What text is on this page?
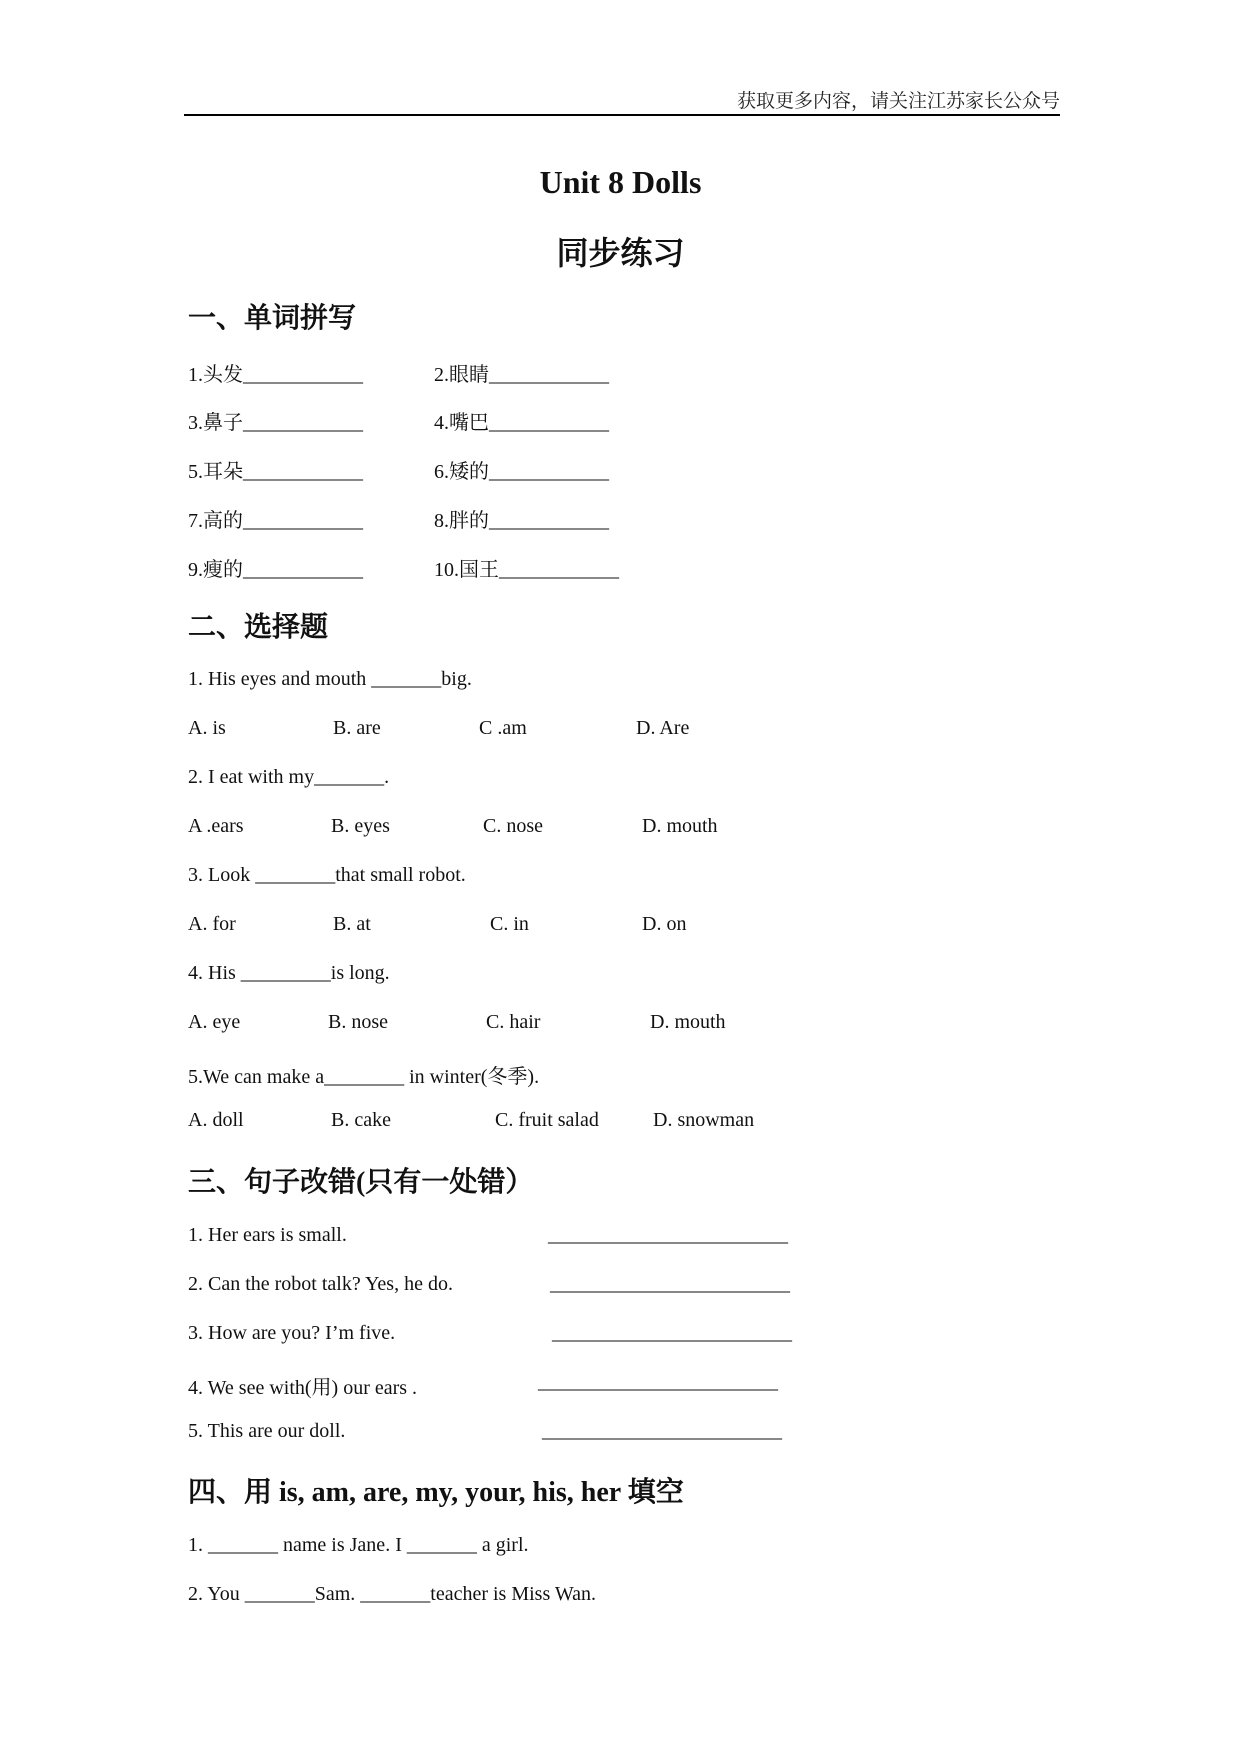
获取更多内容，请关注江苏家长公众号
Unit 8 Dolls
同步练习
一、单词拼写
1.头发____________	2.眼睛____________
3.鼻子____________	4.嘴巴____________
5.耳朵____________	6.矮的____________
7.高的____________	8.胖的____________
9.瘦的____________	10.国王____________
二、选择题
1. His eyes and mouth _______big.
A. is	B. are	C .am	D. Are
2. I eat with my_______.
A .ears	B. eyes	C. nose	D. mouth
3. Look ________that small robot.
A. for	B. at	C. in	D. on
4. His _________is long.
A. eye	B. nose	C. hair	D. mouth
5.We can make a________ in winter(冬季).
A. doll	B. cake	C. fruit salad	D. snowman
三、句子改错(只有一处错）
1. Her ears is small.	________________________
2. Can the robot talk? Yes, he do.	________________________
3. How are you? I’m five.	________________________
4. We see with(用) our ears .	________________________
5. This are our doll.	________________________
四、用 is, am, are, my, your, his, her 填空
1. _______ name is Jane. I _______ a girl.
2. You _______Sam. _______teacher is Miss Wan.
